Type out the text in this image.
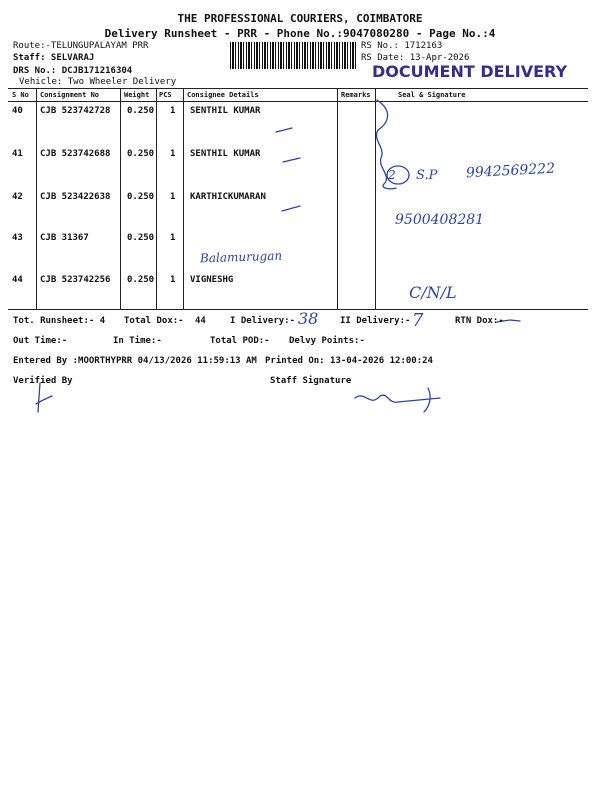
THE PROFESSIONAL COURIERS, COIMBATORE
Delivery Runsheet - PRR - Phone No.:9047080280 - Page No.:4
Route:-TELUNGUPALAYAM PRR
Staff: SELVARAJ
DRS No.: DCJB171216304
Vehicle: Two Wheeler Delivery
RS No.: 1712163
RS Date: 13-Apr-2026
DOCUMENT DELIVERY
S No Consignment No	Weight PCS Consignee Details	Remarks	Seal & Signature
40 CJB 523742728 0.250 1 SENTHIL KUMAR
41 CJB 523742688 0.250 1 SENTHIL KUMAR
42 CJB 523422638 0.250 1 KARTHICKUMARAN
43 CJB 31367	0.250 1
44 CJB 523742256 0.250 1 VIGNESHG
2 S.P 9942569222
9500408281
Balamurugan
C/N/L
Tot. Runsheet:- 4 Total Dox:- 44	I Delivery:- 38 II Delivery:- 7	RTN Dox:-
Out Time:-	In Time:-	Total POD:- Delvy Points:-
Entered By :MOORTHYPRR 04/13/2026 11:59:13 AM Printed On: 13-04-2026 12:00:24
Verified By	Staff Signature
